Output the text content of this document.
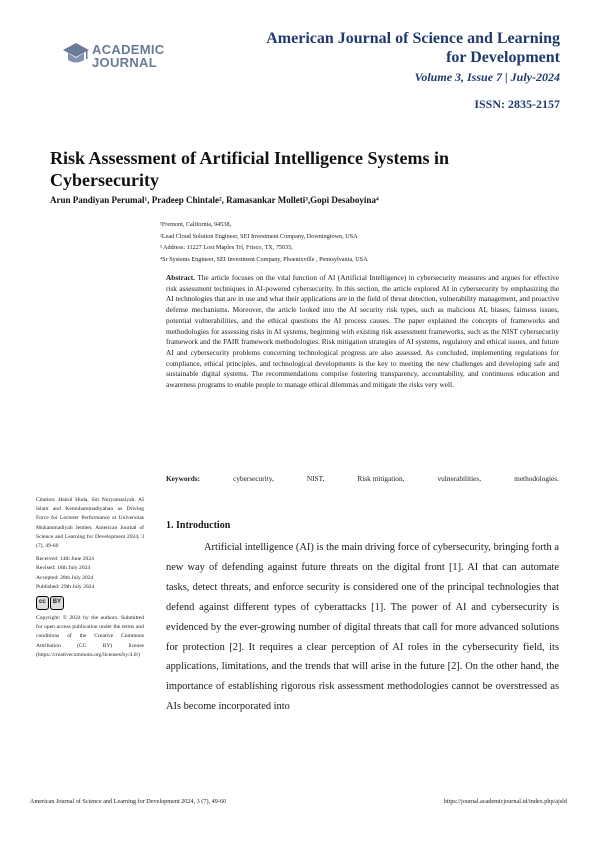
ACADEMIC
JOURNAL
American Journal of Science and Learning for Development
Volume 3, Issue 7 | July-2024
ISSN: 2835-2157
Risk Assessment of Artificial Intelligence Systems in Cybersecurity
Arun Pandiyan Perumal¹, Pradeep Chintale², Ramasankar Molleti³,Gopi Desaboyina⁴
¹Fremont, California, 94538,
²Lead Cloud Solution Engineer, SEI Investment Company, Downingtown, USA
³ Address: 11227 Lost Maples Trl, Frisco, TX, 75035,
⁴Sr Systems Engineer, SEI Investment Company, Phoenixville , Pennsylvania, USA
Abstract. The article focuses on the vital function of AI (Artificial Intelligence) in cybersecurity measures and argues for effective risk assessment techniques in AI-powered cybersecurity. In this section, the article explored AI in cybersecurity by emphasizing the AI technologies that are in use and what their applications are in the field of threat detection, vulnerability management, and proactive defense mechanisms. Moreover, the article looked into the AI security risk types, such as malicious AI, biases, fairness issues, potential vulnerabilities, and the ethical questions the AI process causes. The paper explained the concepts of frameworks and methodologies for assessing risks in AI systems, beginning with existing risk assessment frameworks, such as the NIST cybersecurity framework and the FAIR framework methodologies. Risk mitigation strategies of AI systems, regulatory and ethical issues, and future AI and cybersecurity problems concerning technological progress are also assessed. As concluded, implementing regulations for compliance, ethical principles, and technological developments is the key to meeting the new challenges and developing safe and sustainable digital systems. The recommendations comprise fostering transparency, accountability, and continuous education and awareness programs to enable people to manage ethical dilemmas and mitigate the risks very well.
Keywords:	cybersecurity,	NIST,	Risk mitigation,	vulnerabilities,	methodologies.

Citation: Hairul Huda, Siti Nuryamasiyah. AI Islam and Kemuhammadiyahan as Driving Force for Lecturer Performance at Universitas Muhammadiyah Jember. American Journal of Science and Learning for Development 2024, 3 (7), 49-60

Received: 14th June 2024
Revised: 18th July 2024
Accepted: 28th July 2024
Published: 29th July 2024
cc	BY

Copyright: © 2024 by the authors. Submitted for open access publication under the terms and conditions of the Creative Commons Attribution (CC BY) license (https://creativecommons.org/licenses/by/4.0/)

1. Introduction
Artificial intelligence (AI) is the main driving force of cybersecurity, bringing forth a new way of defending against future threats on the digital front [1]. AI that can automate tasks, detect threats, and enforce security is considered one of the principal technologies that defend against different types of cyberattacks [1]. The power of AI and cybersecurity is evidenced by the ever-growing number of digital threats that call for more advanced solutions for protection [2]. It requires a clear perception of AI roles in the cybersecurity field, its applications, limitations, and the trends that will arise in the future [2]. On the other hand, the importance of establishing rigorous risk assessment methodologies cannot be overstressed as AIs become incorporated into
American Journal of Science and Learning for Development 2024, 3 (7), 49-60	https://journal.academicjournal.id/index.php/ajsld
